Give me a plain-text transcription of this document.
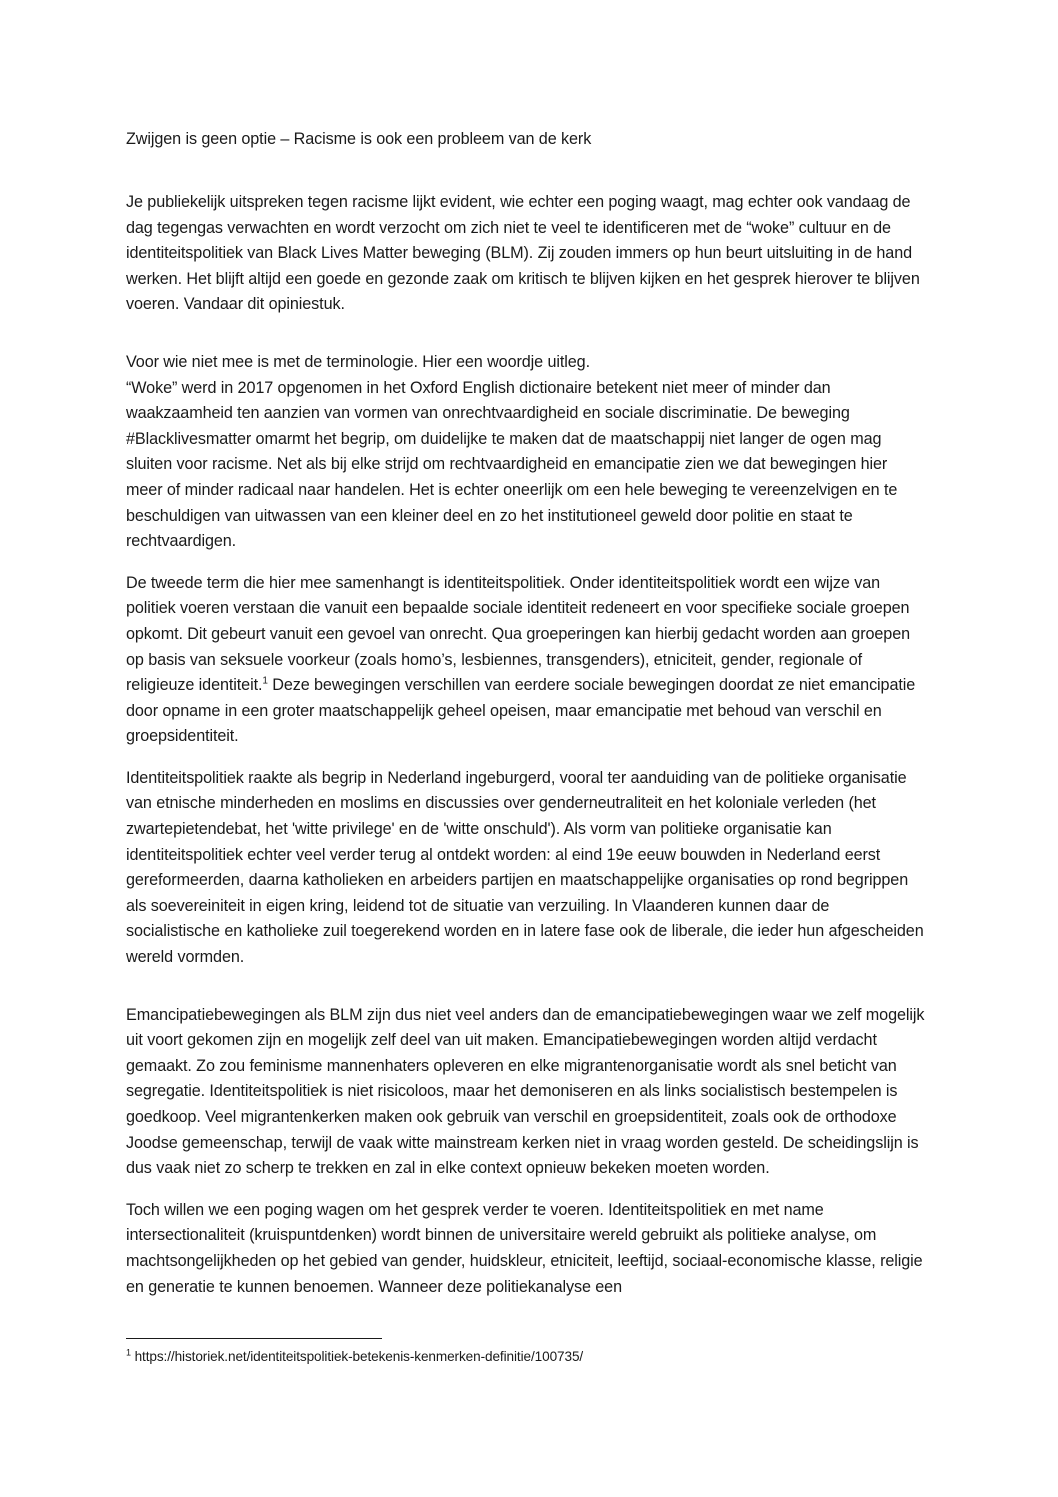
Zwijgen is geen optie – Racisme is ook een probleem van de kerk

Je publiekelijk uitspreken tegen racisme lijkt evident, wie echter een poging waagt, mag echter ook vandaag de dag tegengas verwachten en wordt verzocht om zich niet te veel te identificeren met de “woke” cultuur en de identiteitspolitiek van Black Lives Matter beweging (BLM). Zij zouden immers op hun beurt uitsluiting in de hand werken. Het blijft altijd een goede en gezonde zaak om kritisch te blijven kijken en het gesprek hierover te blijven voeren. Vandaar dit opiniestuk.

Voor wie niet mee is met de terminologie. Hier een woordje uitleg.

“Woke” werd in 2017 opgenomen in het Oxford English dictionaire betekent niet meer of minder dan waakzaamheid ten aanzien van vormen van onrechtvaardigheid en sociale discriminatie. De beweging #Blacklivesmatter omarmt het begrip, om duidelijke te maken dat de maatschappij niet langer de ogen mag sluiten voor racisme. Net als bij elke strijd om rechtvaardigheid en emancipatie zien we dat bewegingen hier meer of minder radicaal naar handelen. Het is echter oneerlijk om een hele beweging te vereenzelvigen en te beschuldigen van uitwassen van een kleiner deel en zo het institutioneel geweld door politie en staat te rechtvaardigen.

De tweede term die hier mee samenhangt is identiteitspolitiek. Onder identiteitspolitiek wordt een wijze van politiek voeren verstaan die vanuit een bepaalde sociale identiteit redeneert en voor specifieke sociale groepen opkomt. Dit gebeurt vanuit een gevoel van onrecht. Qua groeperingen kan hierbij gedacht worden aan groepen op basis van seksuele voorkeur (zoals homo’s, lesbiennes, transgenders), etniciteit, gender, regionale of religieuze identiteit.$^1$ Deze bewegingen verschillen van eerdere sociale bewegingen doordat ze niet emancipatie door opname in een groter maatschappelijk geheel opeisen, maar emancipatie met behoud van verschil en groepsidentiteit.

Identiteitspolitiek raakte als begrip in Nederland ingeburgerd, vooral ter aanduiding van de politieke organisatie van etnische minderheden en moslims en discussies over genderneutraliteit en het koloniale verleden (het zwartepietendebat, het 'witte privilege' en de 'witte onschuld'). Als vorm van politieke organisatie kan identiteitspolitiek echter veel verder terug al ontdekt worden: al eind 19e eeuw bouwden in Nederland eerst gereformeerden, daarna katholieken en arbeiders partijen en maatschappelijke organisaties op rond begrippen als soevereiniteit in eigen kring, leidend tot de situatie van verzuiling. In Vlaanderen kunnen daar de socialistische en katholieke zuil toegerekend worden en in latere fase ook de liberale, die ieder hun afgescheiden wereld vormden.

Emancipatiebewegingen als BLM zijn dus niet veel anders dan de emancipatiebewegingen waar we zelf mogelijk uit voort gekomen zijn en mogelijk zelf deel van uit maken. Emancipatiebewegingen worden altijd verdacht gemaakt. Zo zou feminisme mannenhaters opleveren en elke migrantenorganisatie wordt als snel beticht van segregatie. Identiteitspolitiek is niet risicoloos, maar het demoniseren en als links socialistisch bestempelen is goedkoop. Veel migrantenkerken maken ook gebruik van verschil en groepsidentiteit, zoals ook de orthodoxe Joodse gemeenschap, terwijl de vaak witte mainstream kerken niet in vraag worden gesteld. De scheidingslijn is dus vaak niet zo scherp te trekken en zal in elke context opnieuw bekeken moeten worden.

Toch willen we een poging wagen om het gesprek verder te voeren. Identiteitspolitiek en met name intersectionaliteit (kruispuntdenken) wordt binnen de universitaire wereld gebruikt als politieke analyse, om machtsongelijkheden op het gebied van gender, huidskleur, etniciteit, leeftijd, sociaal-economische klasse, religie en generatie te kunnen benoemen. Wanneer deze politiekanalyse een

$^1$ https://historiek.net/identiteitspolitiek-betekenis-kenmerken-definitie/100735/
